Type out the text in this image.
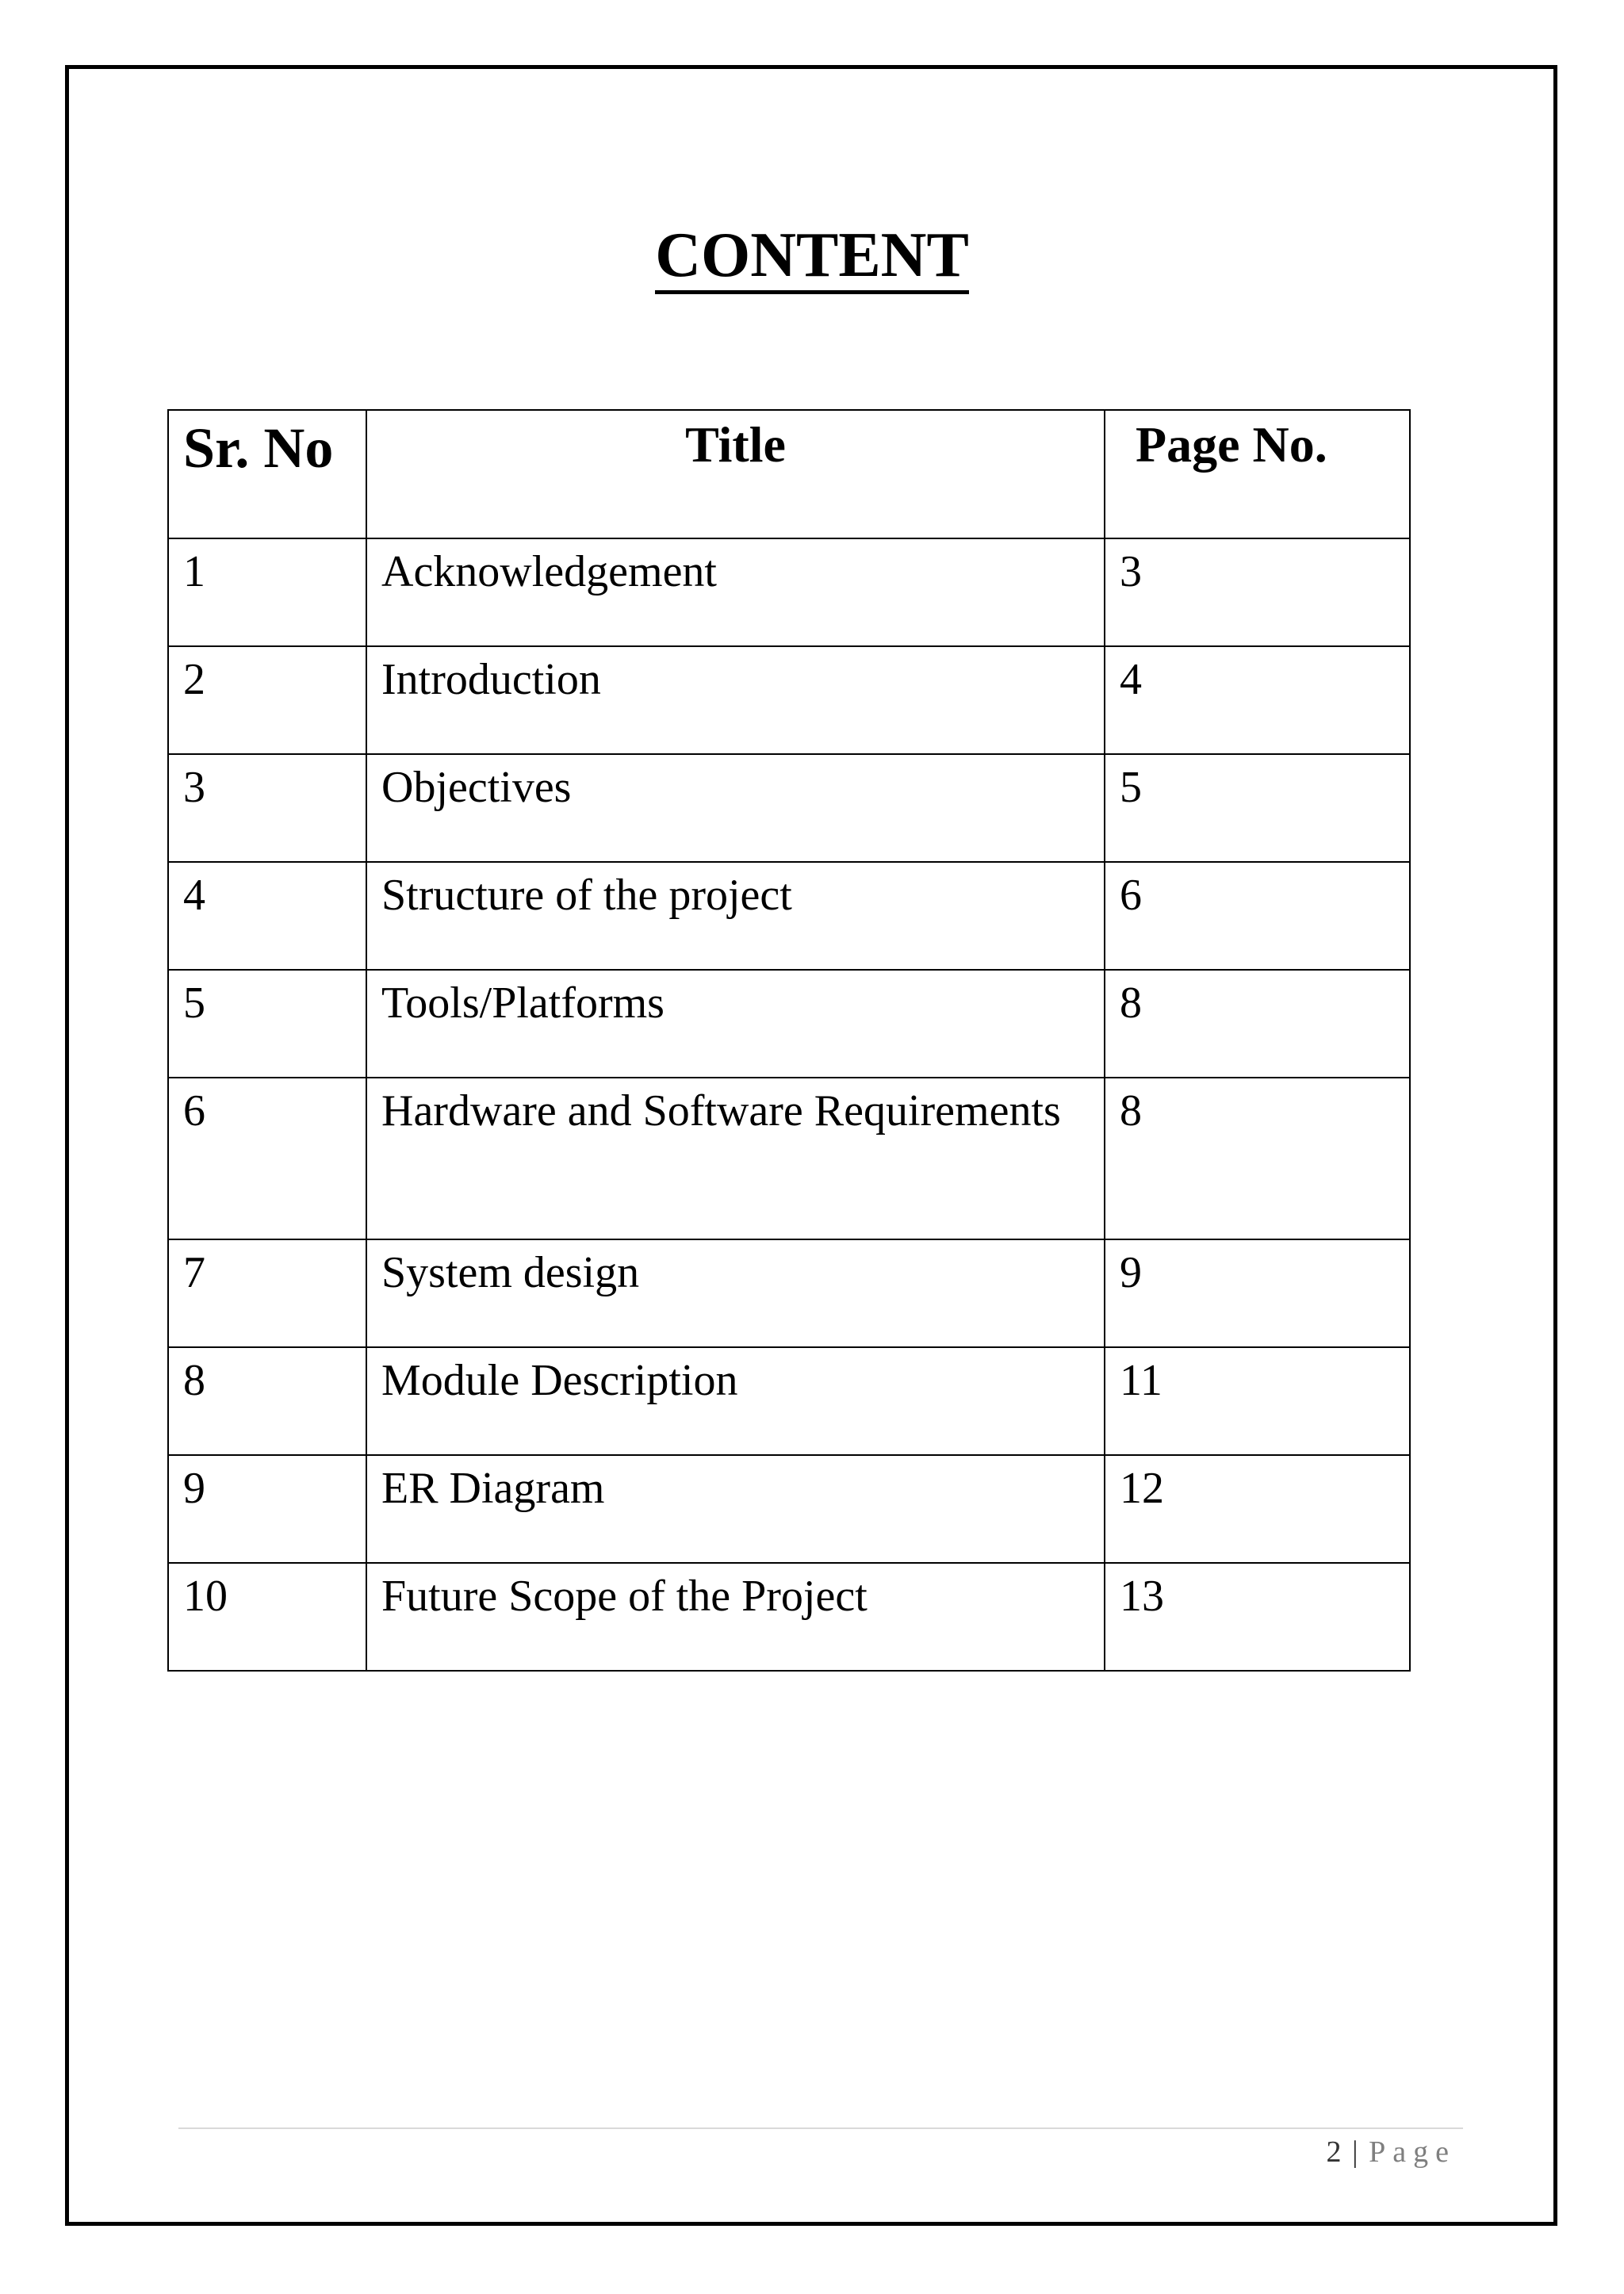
CONTENT
Sr. No	Title	Page No.
1	Acknowledgement	3
2	Introduction	4
3	Objectives	5
4	Structure of the project	6
5	Tools/Platforms	8
6	Hardware and Software Requirements	8
7	System design	9
8	Module Description	11
9	ER Diagram	12
10	Future Scope of the Project	13
2 | Page
